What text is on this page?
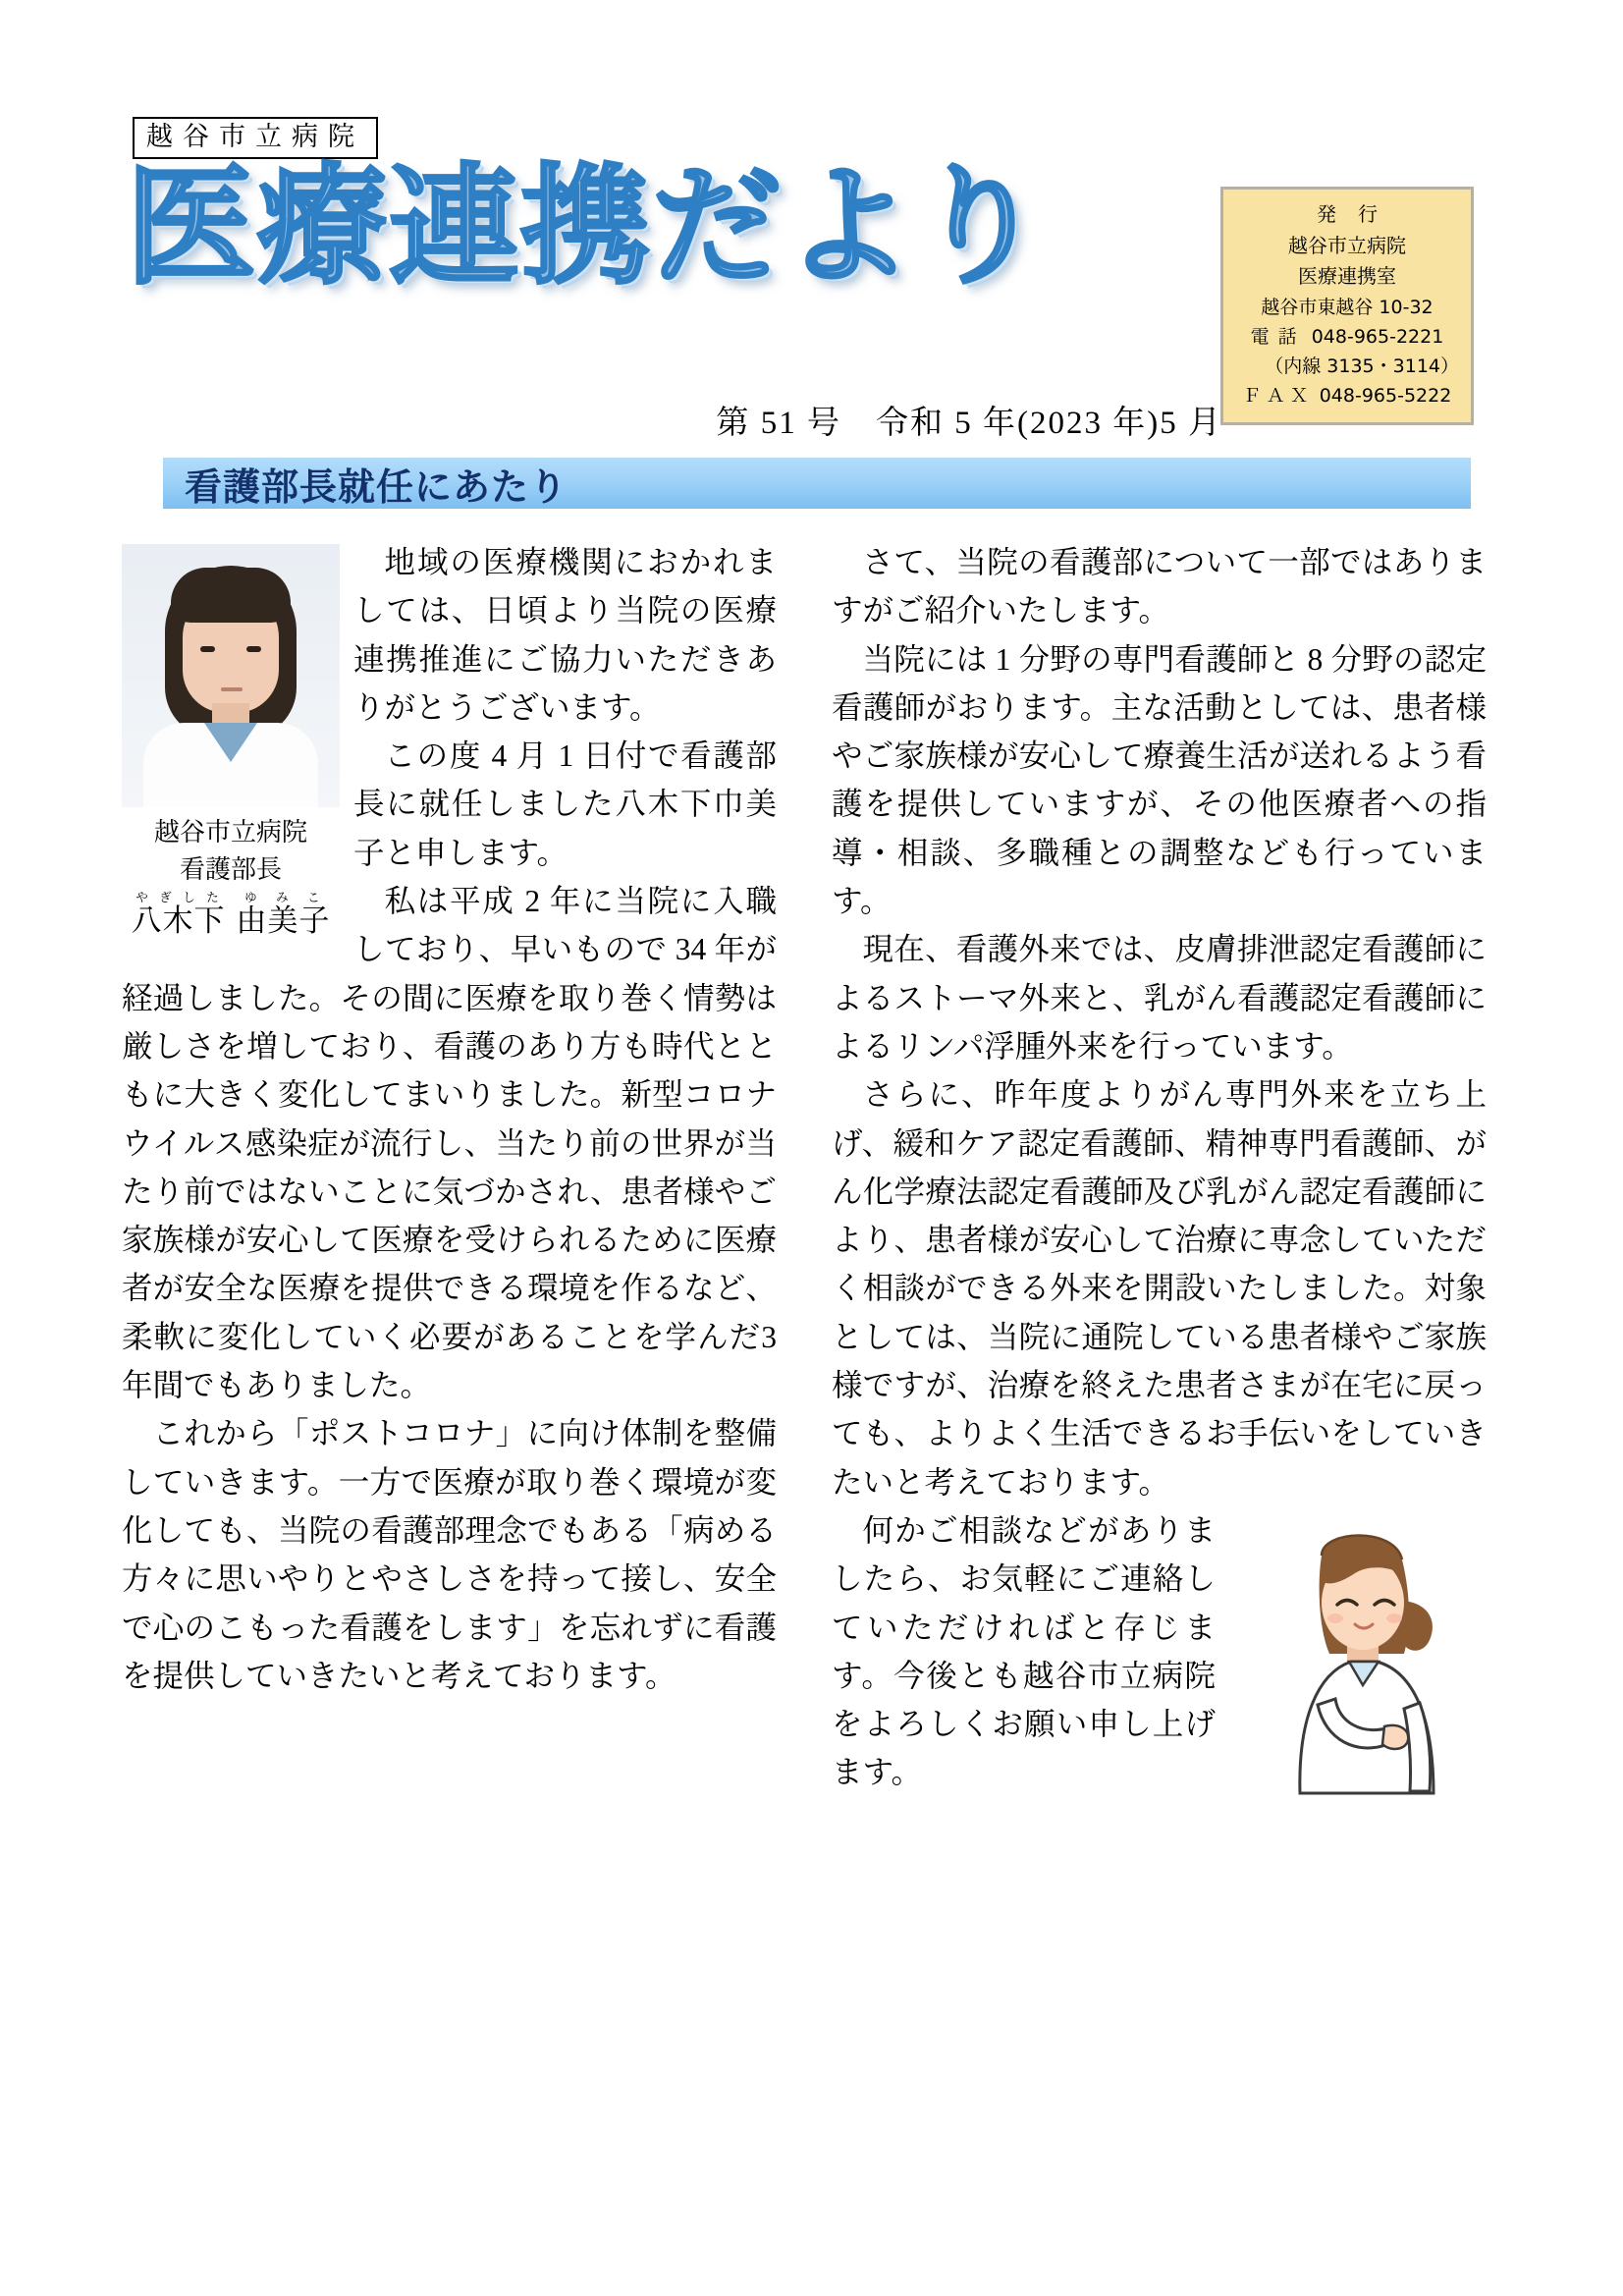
越谷市立病院
医療連携だより	発行
越谷市立病院
医療連携室
越谷市東越谷 10-32
電話 048-965-2221
（内線 3135・3114）
ＦＡＸ 048-965-5222
第 51 号　令和 5 年(2023 年)5 月
看護部長就任にあたり
越谷市立病院
看護部長
八木下やぎした 由美子ゆみこ

地域の医療機関におかれましては、日頃より当院の医療連携推進にご協力いただきありがとうございます。

この度 4 月 1 日付で看護部長に就任しました八木下巾美子と申します。

私は平成 2 年に当院に入職しており、早いもので 34 年が経過しました。その間に医療を取り巻く情勢は厳しさを増しており、看護のあり方も時代とともに大きく変化してまいりました。新型コロナウイルス感染症が流行し、当たり前の世界が当たり前ではないことに気づかされ、患者様やご家族様が安心して医療を受けられるために医療者が安全な医療を提供できる環境を作るなど、柔軟に変化していく必要があることを学んだ3年間でもありました。

これから「ポストコロナ」に向け体制を整備していきます。一方で医療が取り巻く環境が変化しても、当院の看護部理念でもある「病める方々に思いやりとやさしさを持って接し、安全で心のこもった看護をします」を忘れずに看護を提供していきたいと考えております。

さて、当院の看護部について一部ではありますがご紹介いたします。

当院には 1 分野の専門看護師と 8 分野の認定看護師がおります。主な活動としては、患者様やご家族様が安心して療養生活が送れるよう看護を提供していますが、その他医療者への指導・相談、多職種との調整なども行っています。

現在、看護外来では、皮膚排泄認定看護師によるストーマ外来と、乳がん看護認定看護師によるリンパ浮腫外来を行っています。

さらに、昨年度よりがん専門外来を立ち上げ、緩和ケア認定看護師、精神専門看護師、がん化学療法認定看護師及び乳がん認定看護師により、患者様が安心して治療に専念していただく相談ができる外来を開設いたしました。対象としては、当院に通院している患者様やご家族様ですが、治療を終えた患者さまが在宅に戻っても、よりよく生活できるお手伝いをしていきたいと考えております。

何かご相談などがありましたら、お気軽にご連絡していただければと存じます。今後とも越谷市立病院をよろしくお願い申し上げます。
